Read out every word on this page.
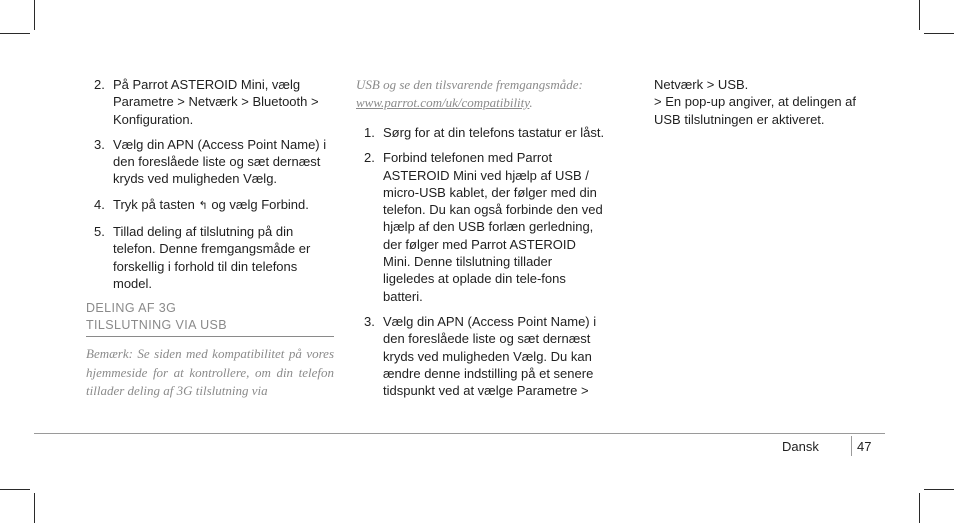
2. På Parrot ASTEROID Mini, vælg Parametre > Netværk > Bluetooth > Konfiguration.
3. Vælg din APN (Access Point Name) i den foreslåede liste og sæt dernæst kryds ved muligheden Vælg.
4. Tryk på tasten ↰ og vælg Forbind.
5. Tillad deling af tilslutning på din telefon. Denne fremgangsmåde er forskellig i forhold til din telefons model.
DELING AF 3G
TILSLUTNING VIA USB
Bemærk: Se siden med kompatibilitet på vores hjemmeside for at kontrollere, om din telefon tillader deling af 3G tilslutning via
USB og se den tilsvarende fremgangsmåde:
www.parrot.com/uk/compatibility.
1. Sørg for at din telefons tastatur er låst.
2. Forbind telefonen med Parrot ASTEROID Mini ved hjælp af USB / micro-USB kablet, der følger med din telefon. Du kan også forbinde den ved hjælp af den USB forlæn gerledning, der følger med Parrot ASTEROID Mini. Denne tilslutning tillader ligeledes at oplade din tele-fons batteri.
3. Vælg din APN (Access Point Name) i den foreslåede liste og sæt dernæst kryds ved muligheden Vælg. Du kan ændre denne indstilling på et senere tidspunkt ved at vælge Parametre >
Netværk > USB.
> En pop-up angiver, at delingen af USB tilslutningen er aktiveret.
Dansk	47
